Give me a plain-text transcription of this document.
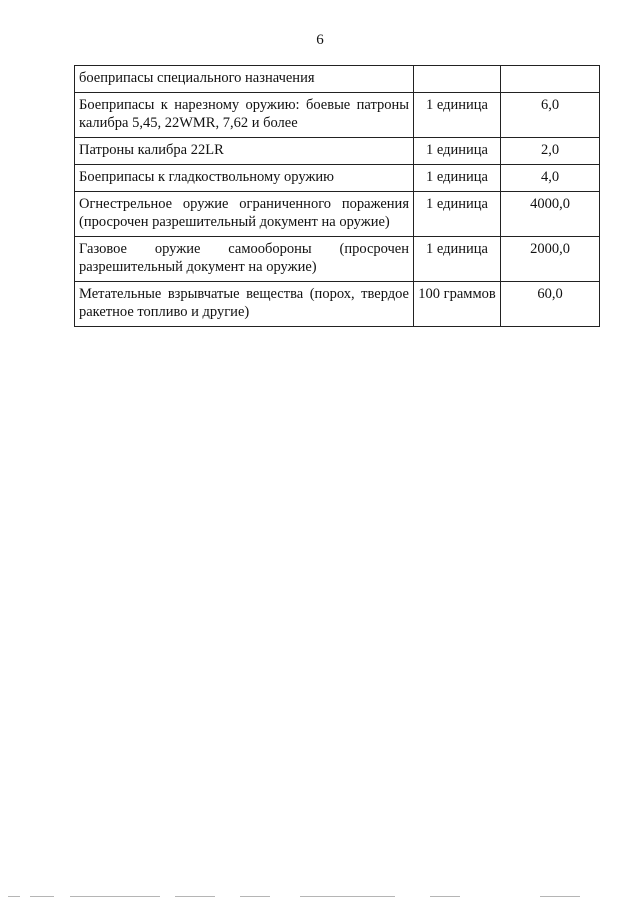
6
боеприпасы специального назначения		
Боеприпасы к нарезному оружию: боевые патроны калибра 5,45, 22WMR, 7,62 и более	1 единица	6,0
Патроны калибра 22LR	1 единица	2,0
Боеприпасы к гладкоствольному оружию	1 единица	4,0
Огнестрельное оружие ограниченного поражения (просрочен разрешительный документ на оружие)	1 единица	4000,0
Газовое оружие самообороны (просрочен разрешительный документ на оружие)	1 единица	2000,0
Метательные взрывчатые вещества (порох, твердое ракетное топливо и другие)	100 граммов	60,0
